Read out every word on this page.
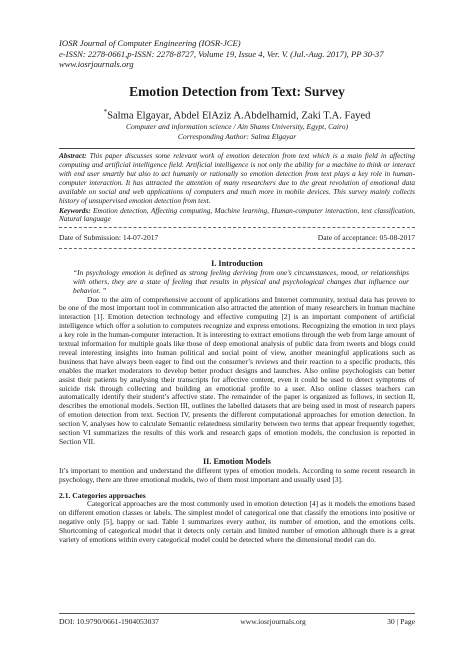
IOSR Journal of Computer Engineering (IOSR-JCE)
e-ISSN: 2278-0661,p-ISSN: 2278-8727, Volume 19, Issue 4, Ver. V. (Jul.-Aug. 2017), PP 30-37
www.iosrjournals.org
Emotion Detection from Text: Survey
*Salma Elgayar, Abdel ElAziz A.Abdelhamid, Zaki T.A. Fayed
Computer and information science / Ain Shams University, Egypt, Cairo)
Corresponding Author: Salma Elgayar
Abstract: This paper discusses some relevant work of emotion detection from text which is a main field in affecting computing and artificial intelligence field. Artificial intelligence is not only the ability for a machine to think or interact with end user smartly but also to act humanly or rationally so emotion detection from text plays a key role in human-computer interaction. It has attracted the attention of many researchers due to the great revolution of emotional data available on social and web applications of computers and much more in mobile devices. This survey mainly collects history of unsupervised emotion detection from text.
Keywords: Emotion detection, Affecting computing, Machine learning, Human-computer interaction, text classification, Natural language
Date of Submission: 14-07-2017	Date of acceptance: 05-08-2017
I. Introduction
“In psychology emotion is defined as strong feeling deriving from one’s circumstances, mood, or relationships with others, they are a state of feeling that results in physical and psychological changes that influence our behavior. ”

Due to the aim of comprehensive account of applications and Internet community, textual data has proven to be one of the most important tool in communication also attracted the attention of many researchers in human machine interaction [1]. Emotion detection technology and effective computing [2] is an important component of artificial intelligence which offer a solution to computers recognize and express emotions. Recognizing the emotion in text plays a key role in the human-computer interaction. It is interesting to extract emotions through the web from large amount of textual information for multiple goals like those of deep emotional analysis of public data from tweets and blogs could reveal interesting insights into human political and social point of view, another meaningful applications such as business that have always been eager to find out the consumer’s reviews and their reaction to a specific products, this enables the market moderators to develop better product designs and launches. Also online psychologists can better assist their patients by analysing their transcripts for affective content, even it could be used to detect symptoms of suicide risk through collecting and building an emotional profile to a user. Also online classes teachers can automatically identify their student’s affective state. The remainder of the paper is organized as follows, in section II, describes the emotional models. Section III, outlines the labelled datasets that are being used in most of research papers of emotion detection from text. Section IV, presents the different computational approaches for emotion detection. In section V, analyses how to calculate Semantic relatedness similarity between two terms that appear frequently together, section VI summarizes the results of this work and research gaps of emotion models, the conclusion is reported in Section VII.

II. Emotion Models

It’s important to mention and understand the different types of emotion models. According to some recent research in psychology, there are three emotional models, two of them most important and usually used [3].

2.1. Categories approaches

Categorical approaches are the most commonly used in emotion detection [4] as it models the emotions based on different emotion classes or labels. The simplest model of categorical one that classify the emotions into positive or negative only [5], happy or sad. Table 1 summarizes every author, its number of emotion, and the emotions cells. Shortcoming of categorical model that it detects only certain and limited number of emotion although there is a great variety of emotions within every categorical model could be detected where the dimensional model can do.

DOI: 10.9790/0661-1904053037	www.iosrjournals.org	30 | Page
